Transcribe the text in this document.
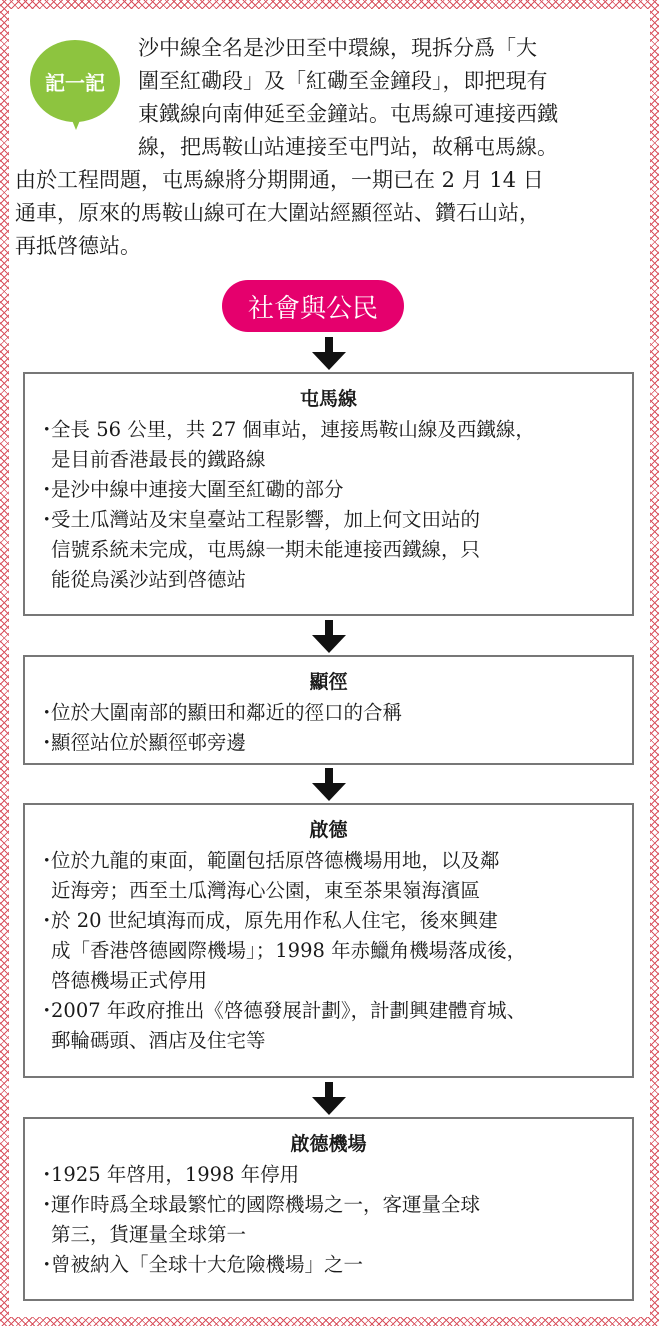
記一記
沙中線全名是沙田至中環線，現拆分爲「大
圍至紅磡段」及「紅磡至金鐘段」，即把現有
東鐵線向南伸延至金鐘站。屯馬線可連接西鐵
線，把馬鞍山站連接至屯門站，故稱屯馬線。
由於工程問題，屯馬線將分期開通，一期已在 2 月 14 日
通車，原來的馬鞍山線可在大圍站經顯徑站、鑽石山站，
再抵啓德站。
社會與公民
屯馬線
・
全長 56 公里，共 27 個車站，連接馬鞍山線及西鐵線，
是目前香港最長的鐵路線
・
是沙中線中連接大圍至紅磡的部分
・
受土瓜灣站及宋皇臺站工程影響，加上何文田站的
信號系統未完成，屯馬線一期未能連接西鐵線，只
能從烏溪沙站到啓德站
顯徑
・
位於大圍南部的顯田和鄰近的徑口的合稱
・
顯徑站位於顯徑邨旁邊
啟德
・
位於九龍的東面，範圍包括原啓德機場用地，以及鄰
近海旁；西至土瓜灣海心公園，東至茶果嶺海濱區
・
於 20 世紀填海而成，原先用作私人住宅，後來興建
成「香港啓德國際機場」；1998 年赤鱲角機場落成後，
啓德機場正式停用
・
2007 年政府推出《啓德發展計劃》，計劃興建體育城、
郵輪碼頭、酒店及住宅等
啟德機場
・
1925 年啓用，1998 年停用
・
運作時爲全球最繁忙的國際機場之一，客運量全球
第三，貨運量全球第一
・
曾被納入「全球十大危險機場」之一
